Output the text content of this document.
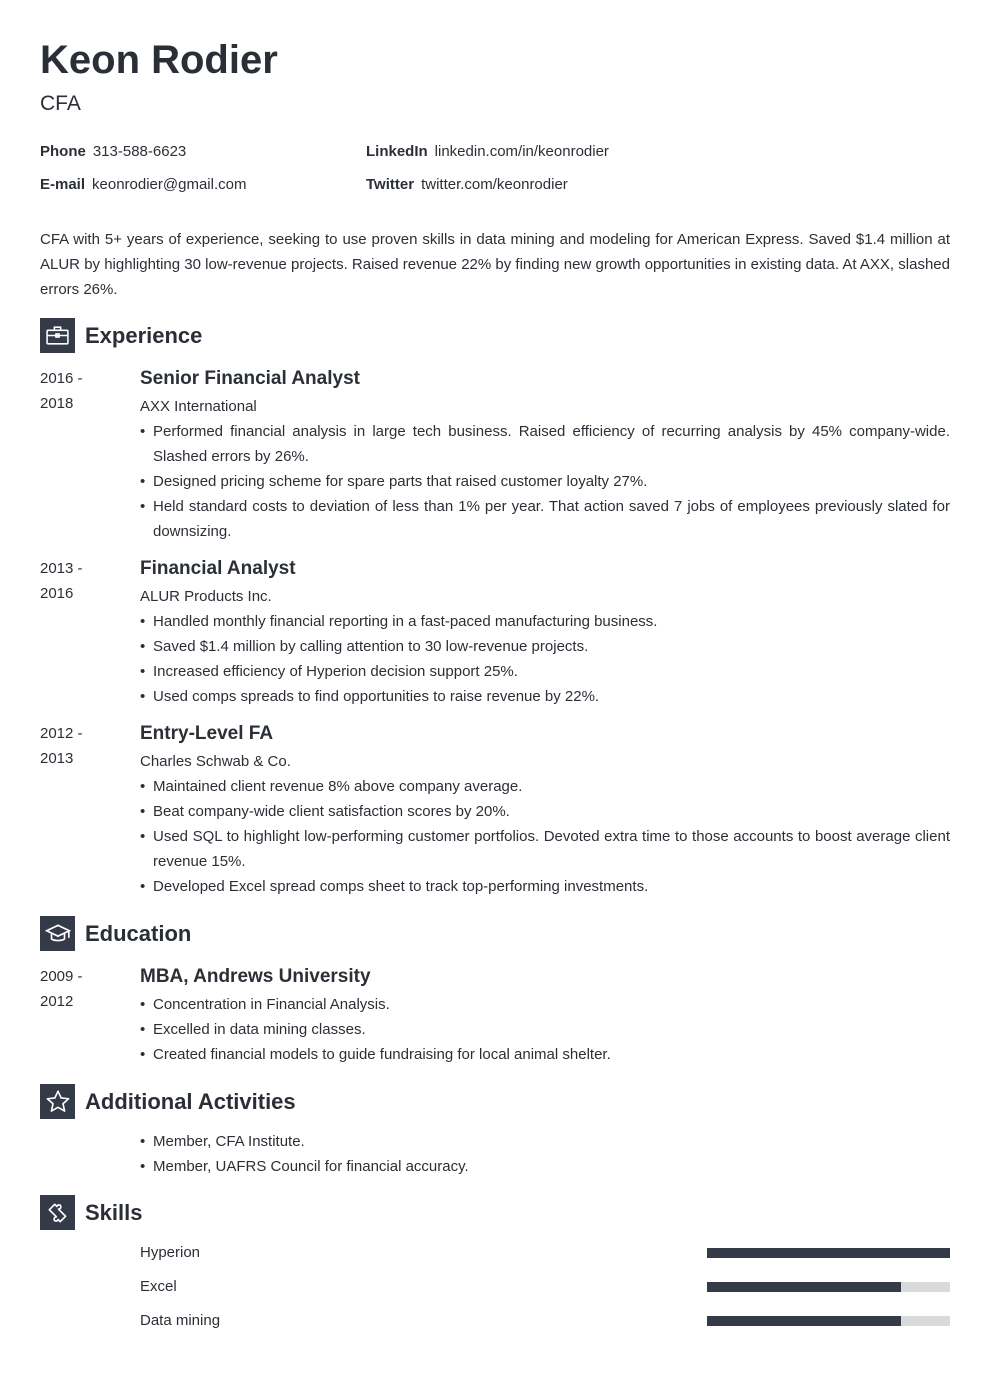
Keon Rodier
CFA
Phone 313-588-6623	LinkedIn linkedin.com/in/keonrodier
E-mail keonrodier@gmail.com	Twitter twitter.com/keonrodier

CFA with 5+ years of experience, seeking to use proven skills in data mining and modeling for American Express. Saved $1.4 million at ALUR by highlighting 30 low-revenue projects. Raised revenue 22% by finding new growth opportunities in existing data. At AXX, slashed errors 26%.

Experience
2016 -
2018
Senior Financial Analyst
AXX International
• Performed financial analysis in large tech business. Raised efficiency of recurring analysis by 45% company-wide. Slashed errors by 26%.
• Designed pricing scheme for spare parts that raised customer loyalty 27%.
• Held standard costs to deviation of less than 1% per year. That action saved 7 jobs of employees previously slated for downsizing.
2013 -
2016
Financial Analyst
ALUR Products Inc.
• Handled monthly financial reporting in a fast-paced manufacturing business.
• Saved $1.4 million by calling attention to 30 low-revenue projects.
• Increased efficiency of Hyperion decision support 25%.
• Used comps spreads to find opportunities to raise revenue by 22%.
2012 -
2013
Entry-Level FA
Charles Schwab & Co.
• Maintained client revenue 8% above company average.
• Beat company-wide client satisfaction scores by 20%.
• Used SQL to highlight low-performing customer portfolios. Devoted extra time to those accounts to boost average client revenue 15%.
• Developed Excel spread comps sheet to track top-performing investments.
Education
2009 -
2012
MBA, Andrews University
• Concentration in Financial Analysis.
• Excelled in data mining classes.
• Created financial models to guide fundraising for local animal shelter.
Additional Activities
• Member, CFA Institute.
• Member, UAFRS Council for financial accuracy.
Skills
Hyperion
Excel
Data mining
